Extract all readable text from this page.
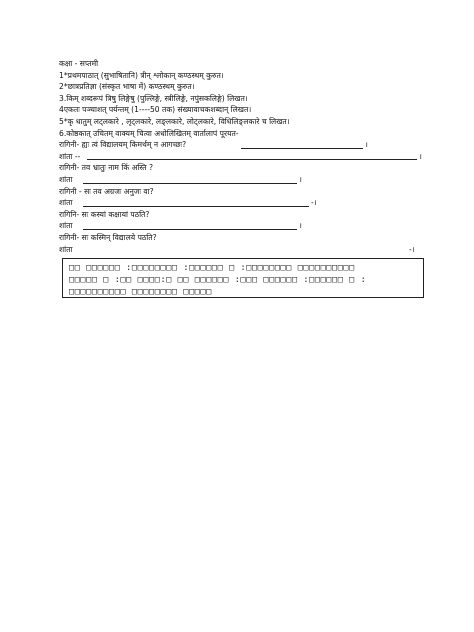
कक्षा - सप्तमी
1*प्रथमपाठात् (सुभाषितानि) त्रीन् श्लोकान् कण्ठस्थम् कुरुत।
2*छात्रप्रतिज्ञा (संस्कृत भाषा में) कण्ठस्थम् कुरुत।
3.किम् शब्दरूपं त्रिषु लिङ्गेषु (पुल्लिङ्गे, स्त्रीलिङ्गे, नपुंसकलिङ्गे) लिखत।
4एकतः पञ्चाशत् पर्यन्तम् (1----50 तक) संख्यावाचकशब्दान् लिखत।
5*कृ धातुम् लट्लकारे , लृट्लकारे, लङ्लकारे, लोट्लकारे, विधिलिङ्लकारे च लिखत।
6.कोष्ठकात् उचितम् वाक्यम् चित्वा अधोलिखितम् वार्तालापं पूरयत-
रागिनी- ह्यः त्वं विद्यालयम् किमर्थम् न आगच्छः?	।
शांता --	।
रागिनी- तव भ्रातुः नाम किं अस्ति ?
शांता	।
रागिनी - सः तव अग्रजः अनुजः वा?
शांता	-।
रागिनि- सः कस्यां कक्षायां पठति?
शांता	।
रागिनी- सः कस्मिन् विद्यालये पठति?
शांता	-।
□□ □□□□□□ :□□□□□□□□ :□□□□□□ □ :□□□□□□□□ □□□□□□□□□□
□□□□□ □ :□□ □□□□:□ □□ □□□□□□ :□□□ □□□□□□ :□□□□□□ □ :
□□□□□□□□□□ □□□□□□□□ □□□□□
